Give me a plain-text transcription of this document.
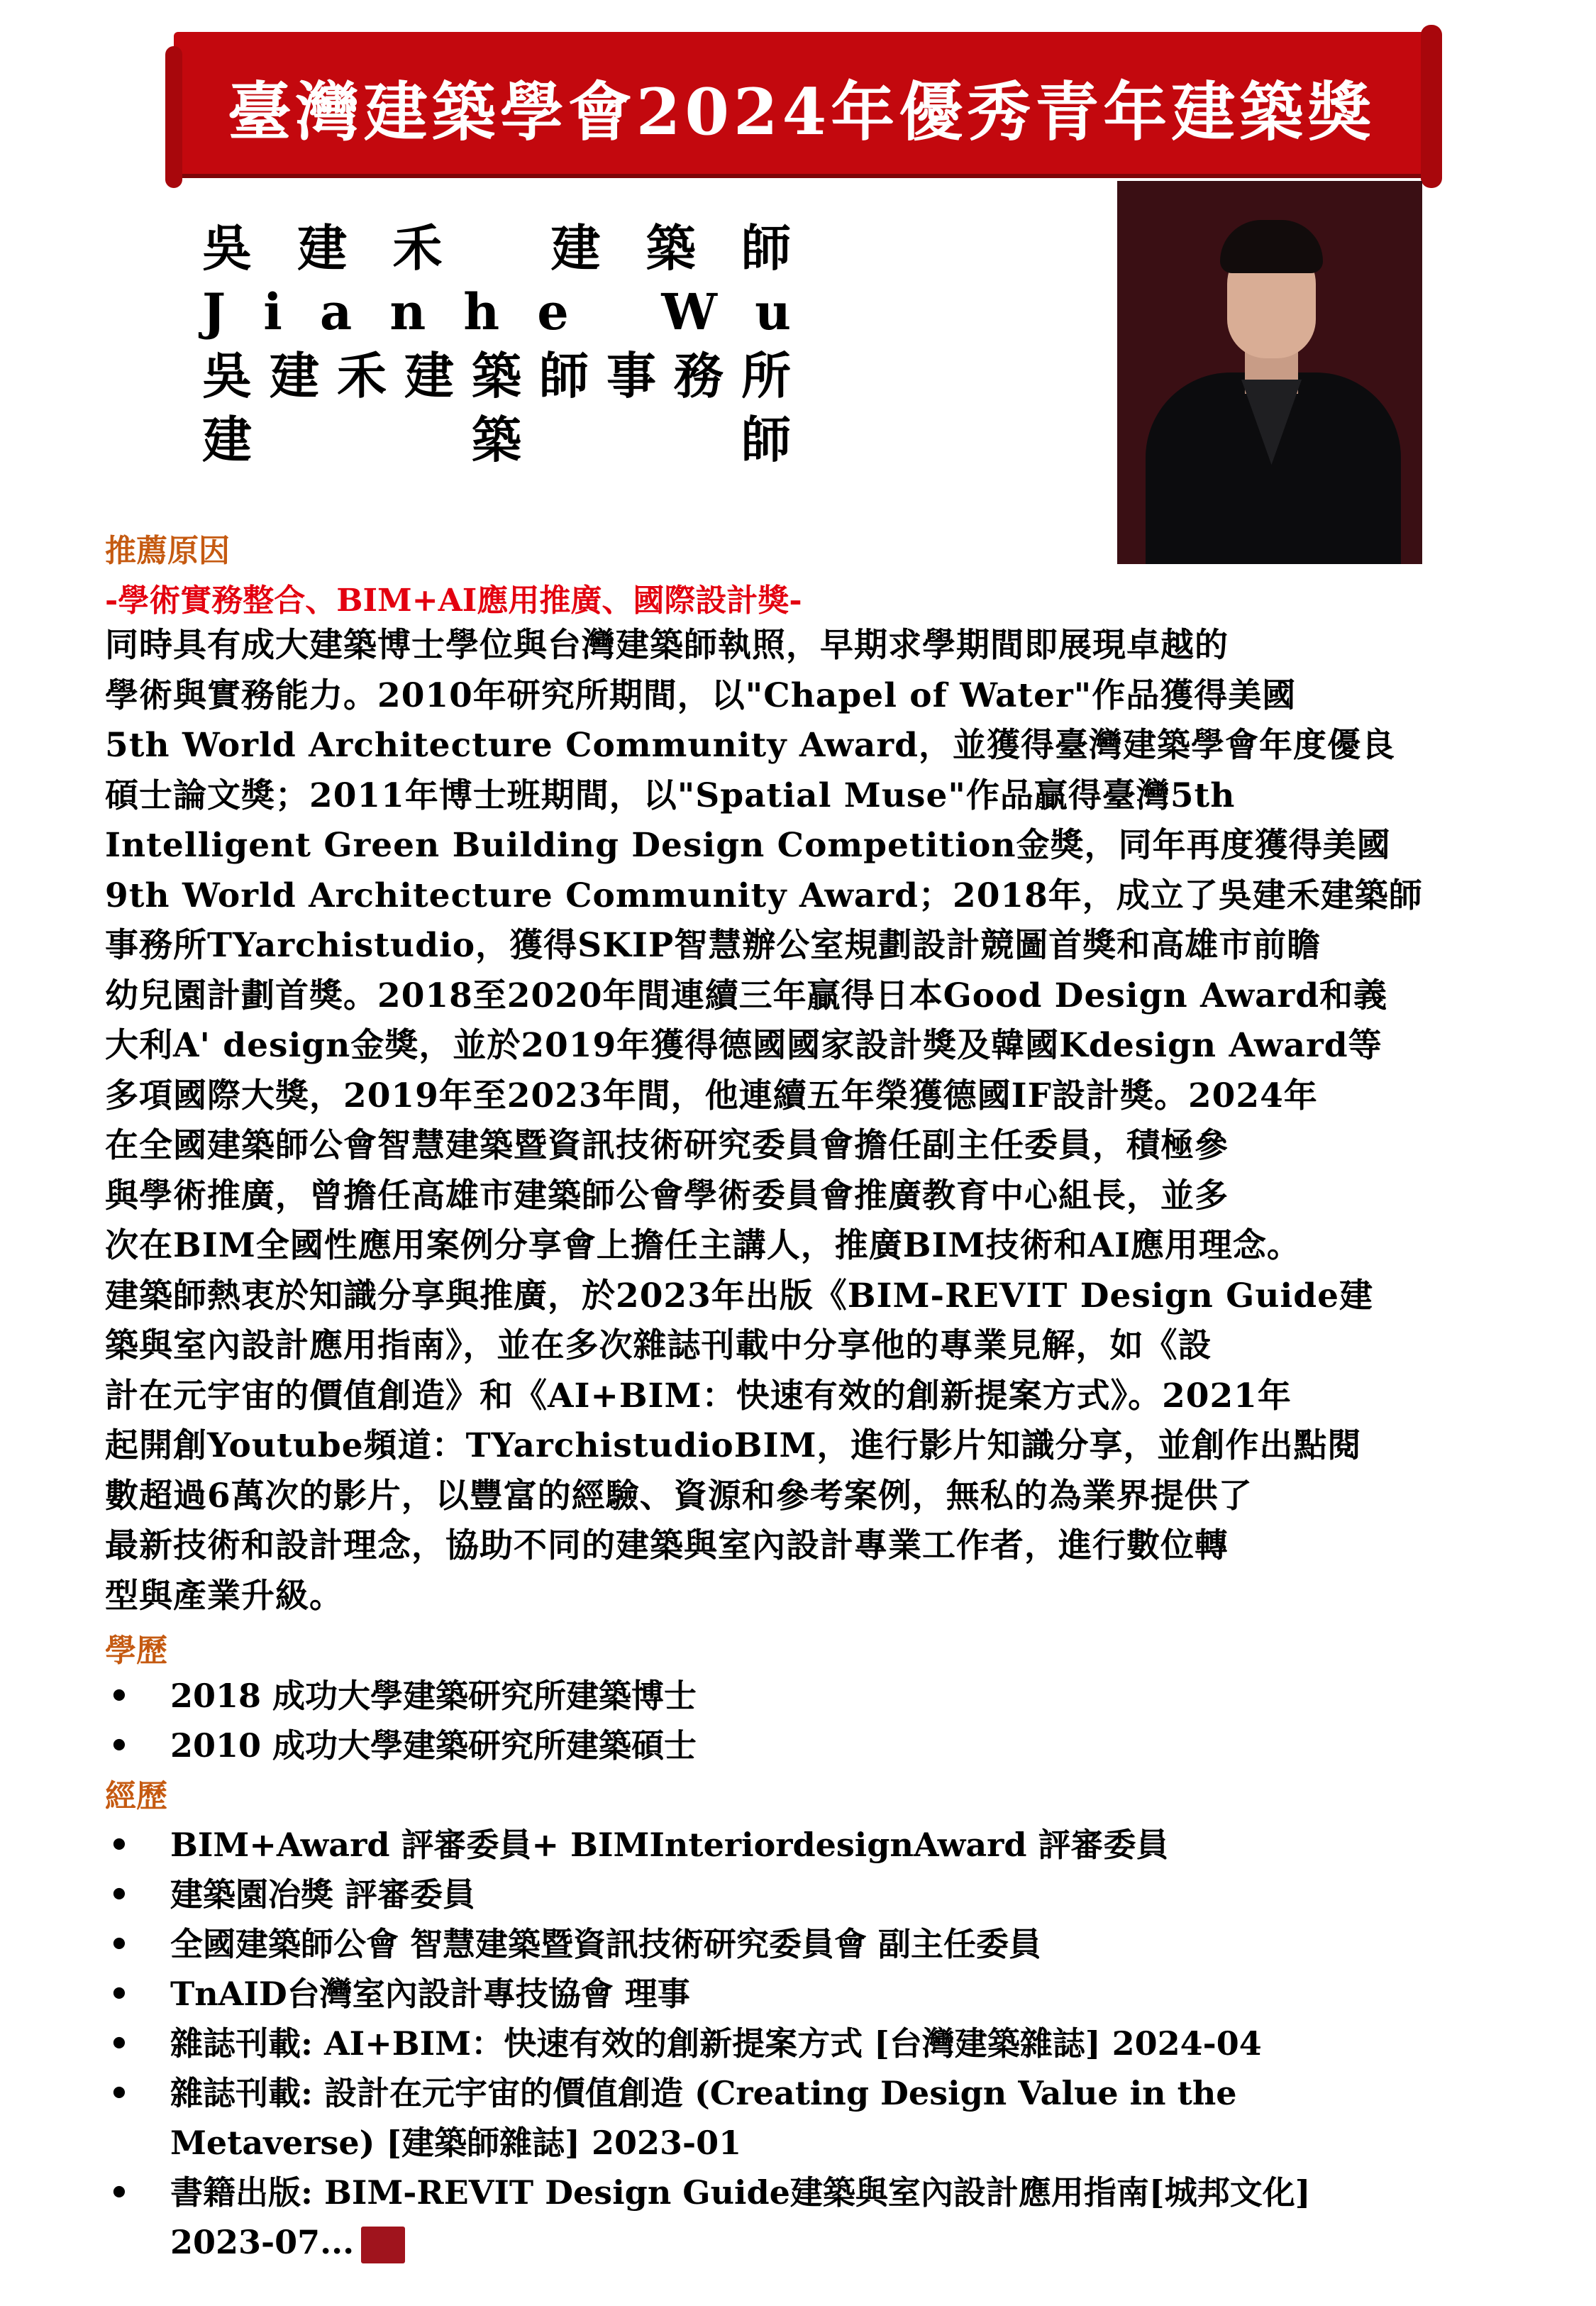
臺灣建築學會2024年優秀青年建築獎
吳 建 禾
建 築 師
J i a n h e
W u
吳 建 禾 建 築 師 事 務 所
建
	築
	師
推薦原因
-學術實務整合、BIM+AI應用推廣、國際設計獎-
同時具有成大建築博士學位與台灣建築師執照，早期求學期間即展現卓越的
學術與實務能力。2010年研究所期間，以"Chapel of Water"作品獲得美國
5th World Architecture Community Award，並獲得臺灣建築學會年度優良
碩士論文獎；2011年博士班期間，以"Spatial Muse"作品贏得臺灣5th
Intelligent Green Building Design Competition金獎，同年再度獲得美國
9th World Architecture Community Award；2018年，成立了吳建禾建築師
事務所TYarchistudio，獲得SKIP智慧辦公室規劃設計競圖首獎和高雄市前瞻
幼兒園計劃首獎。2018至2020年間連續三年贏得日本Good Design Award和義
大利A' design金獎，並於2019年獲得德國國家設計獎及韓國Kdesign Award等
多項國際大獎，2019年至2023年間，他連續五年榮獲德國IF設計獎。2024年
在全國建築師公會智慧建築暨資訊技術研究委員會擔任副主任委員，積極參
與學術推廣，曾擔任高雄市建築師公會學術委員會推廣教育中心組長，並多
次在BIM全國性應用案例分享會上擔任主講人，推廣BIM技術和AI應用理念。
建築師熱衷於知識分享與推廣，於2023年出版《BIM-REVIT Design Guide建
築與室內設計應用指南》，並在多次雜誌刊載中分享他的專業見解，如《設
計在元宇宙的價值創造》和《AI+BIM：快速有效的創新提案方式》。2021年
起開創Youtube頻道：TYarchistudioBIM，進行影片知識分享，並創作出點閱
數超過6萬次的影片，以豐富的經驗、資源和參考案例，無私的為業界提供了
最新技術和設計理念，協助不同的建築與室內設計專業工作者，進行數位轉
型與產業升級。
學歷
• 2018 成功大學建築研究所建築博士
• 2010 成功大學建築研究所建築碩士
經歷
• BIM+Award 評審委員+ BIMInteriordesignAward 評審委員
• 建築園冶獎 評審委員
• 全國建築師公會 智慧建築暨資訊技術研究委員會 副主任委員
• TnAID台灣室內設計專技協會 理事
• 雜誌刊載: AI+BIM：快速有效的創新提案方式 [台灣建築雜誌] 2024-04
• 雜誌刊載: 設計在元宇宙的價值創造 (Creating Design Value in the
Metaverse) [建築師雜誌] 2023-01
• 書籍出版: BIM-REVIT Design Guide建築與室內設計應用指南[城邦文化]
2023-07...
